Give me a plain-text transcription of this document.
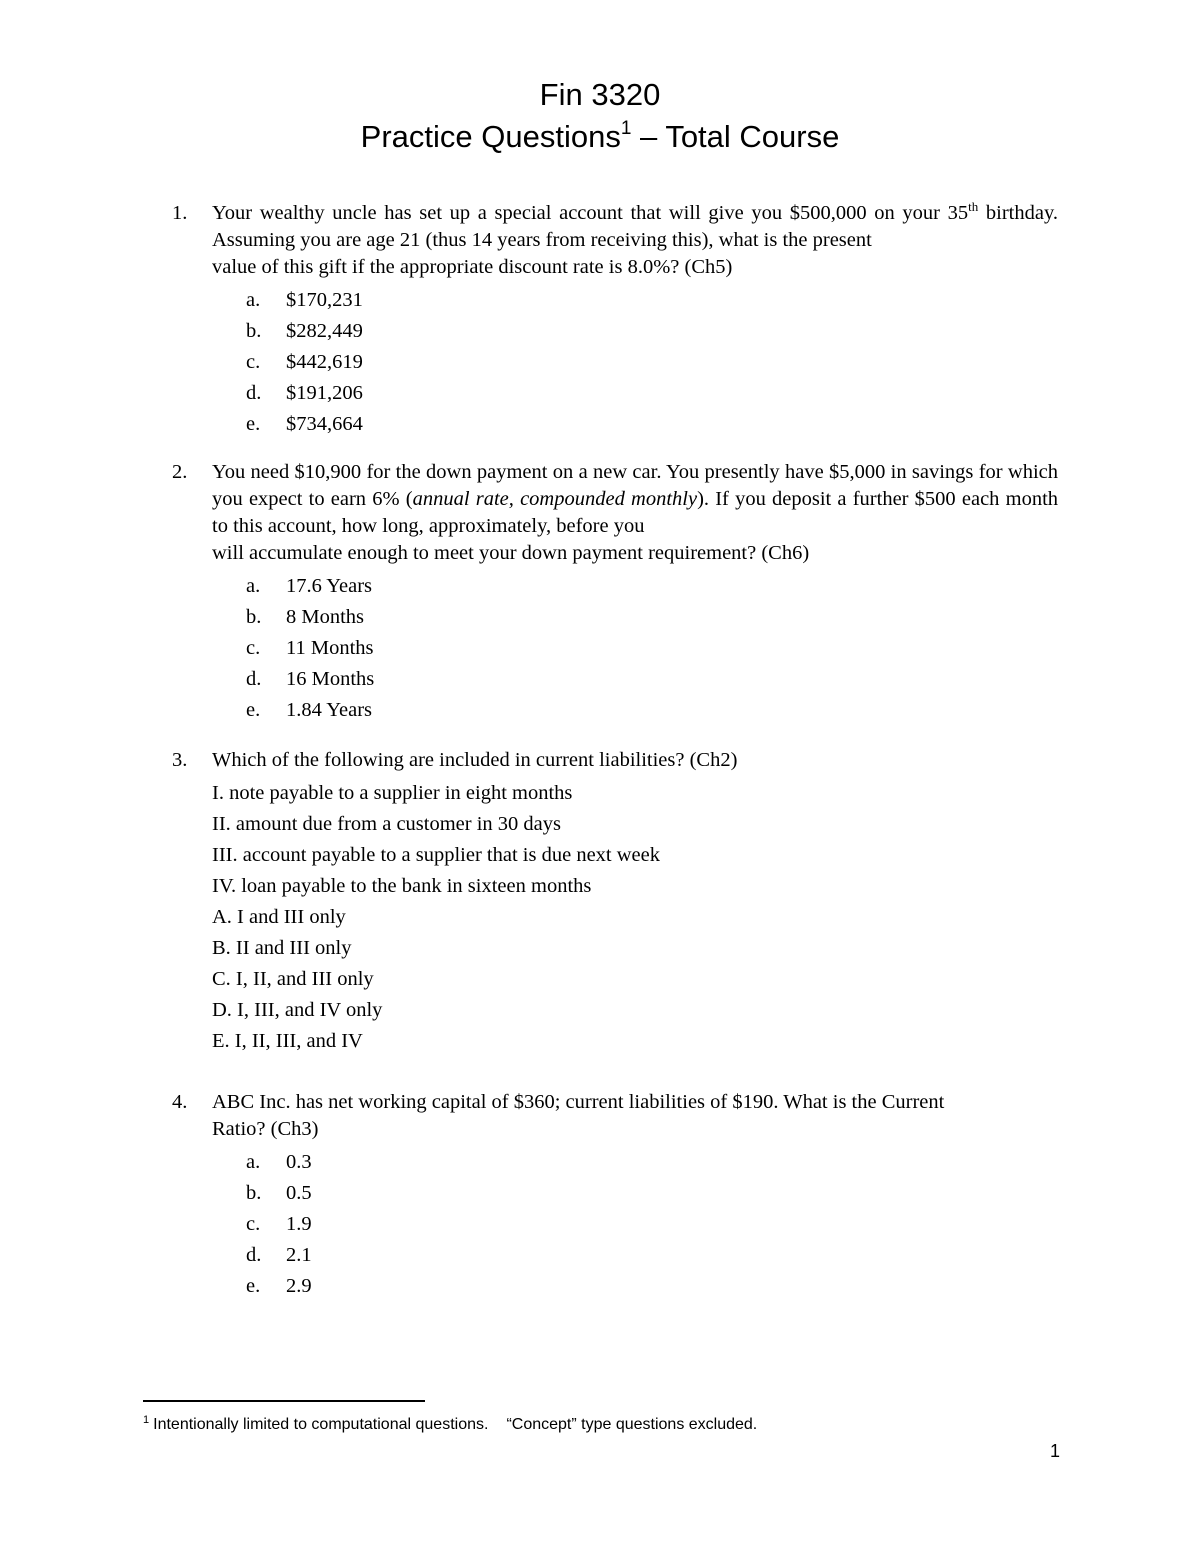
Fin 3320
Practice Questions$^1$ – Total Course
1. Your wealthy uncle has set up a special account that will give you $500,000 on your 35th birthday. Assuming you are age 21 (thus 14 years from receiving this), what is the present
value of this gift if the appropriate discount rate is 8.0%? (Ch5)
a. $170,231
b. $282,449
c. $442,619
d. $191,206
e. $734,664
2. You need $10,900 for the down payment on a new car. You presently have $5,000 in savings for which you expect to earn 6% (annual rate, compounded monthly). If you deposit a further $500 each month to this account, how long, approximately, before you
will accumulate enough to meet your down payment requirement? (Ch6)
a. 17.6 Years
b. 8 Months
c. 11 Months
d. 16 Months
e. 1.84 Years
3. Which of the following are included in current liabilities? (Ch2)
I. note payable to a supplier in eight months
II. amount due from a customer in 30 days
III. account payable to a supplier that is due next week
IV. loan payable to the bank in sixteen months
A. I and III only
B. II and III only
C. I, II, and III only
D. I, III, and IV only
E. I, II, III, and IV
4. ABC Inc. has net working capital of $360; current liabilities of $190. What is the Current
Ratio? (Ch3)
a. 0.3
b. 0.5
c. 1.9
d. 2.1
e. 2.9
$^1$ Intentionally limited to computational questions. “Concept” type questions excluded.
1
